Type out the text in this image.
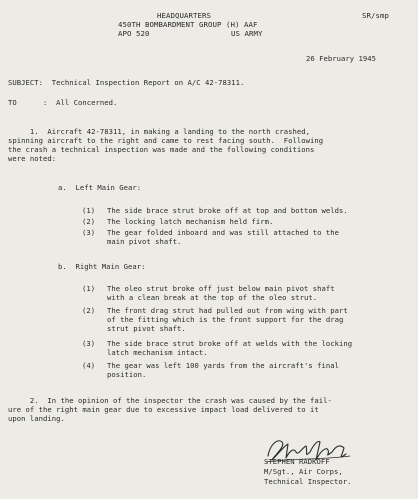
HEADQUARTERS	SR/smp
450TH BOMBARDMENT GROUP (H) AAF
APO 520	US ARMY
26 February 1945
SUBJECT:  Technical Inspection Report on A/C 42-78311.
TO      :  All Concerned.
1.  Aircraft 42-78311, in making a landing to the north crashed,
spinning aircraft to the right and came to rest facing south.  Following
the crash a technical inspection was made and the following conditions
were noted:
a.  Left Main Gear:
(1) The side brace strut broke off at top and bottom welds.
(2) The locking latch mechanism held firm.
(3) The gear folded inboard and was still attached to the
main pivot shaft.
b.  Right Main Gear:
(1) The oleo strut broke off just below main pivot shaft
with a clean break at the top of the oleo strut.
(2) The front drag strut had pulled out from wing with part
of the fitting which is the front support for the drag
strut pivot shaft.
(3) The side brace strut broke off at welds with the locking
latch mechanism intact.
(4) The gear was left 100 yards from the aircraft's final
position.
2.  In the opinion of the inspector the crash was caused by the fail-
ure of the right main gear due to excessive impact load delivered to it
upon landing.
STEPHEN RADKOFF
M/Sgt., Air Corps,
Technical Inspector.
